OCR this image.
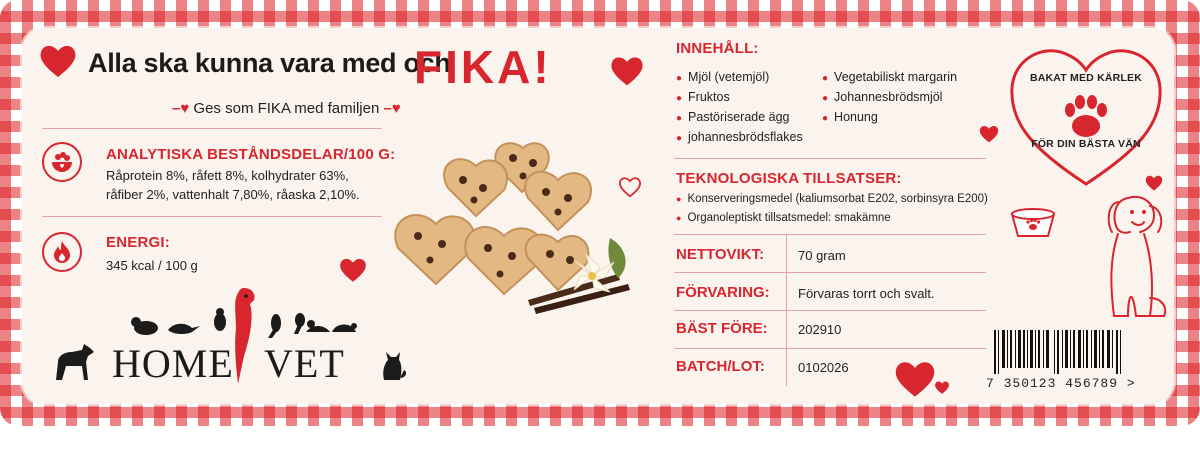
Alla ska kunna vara med och
FIKA!
–♥ Ges som FIKA med familjen –♥
ANALYTISKA BESTÅNDSDELAR/100 G:
Råprotein 8%, råfett 8%, kolhydrater 63%,
råfiber 2%, vattenhalt 7,80%, råaska 2,10%.
ENERGI:
345 kcal / 100 g
HOME VET
INNEHÅLL:
● Mjöl (vetemjöl)
● Fruktos
● Pastöriserade ägg
● johannesbrödsflakes
● Vegetabiliskt margarin
● Johannesbrödsmjöl
● Honung
TEKNOLOGISKA TILLSATSER:
● Konserveringsmedel (kaliumsorbat E202, sorbinsyra E200)
● Organoleptiskt tillsatsmedel: smakämne
NETTOVIKT:	70 gram
FÖRVARING: Förvaras torrt och svalt.
BÄST FÖRE: 202910
BATCH/LOT:	0102026
BAKAT MED KÄRLEK
FÖR DIN BÄSTA VÄN
7 350123 456789 >
